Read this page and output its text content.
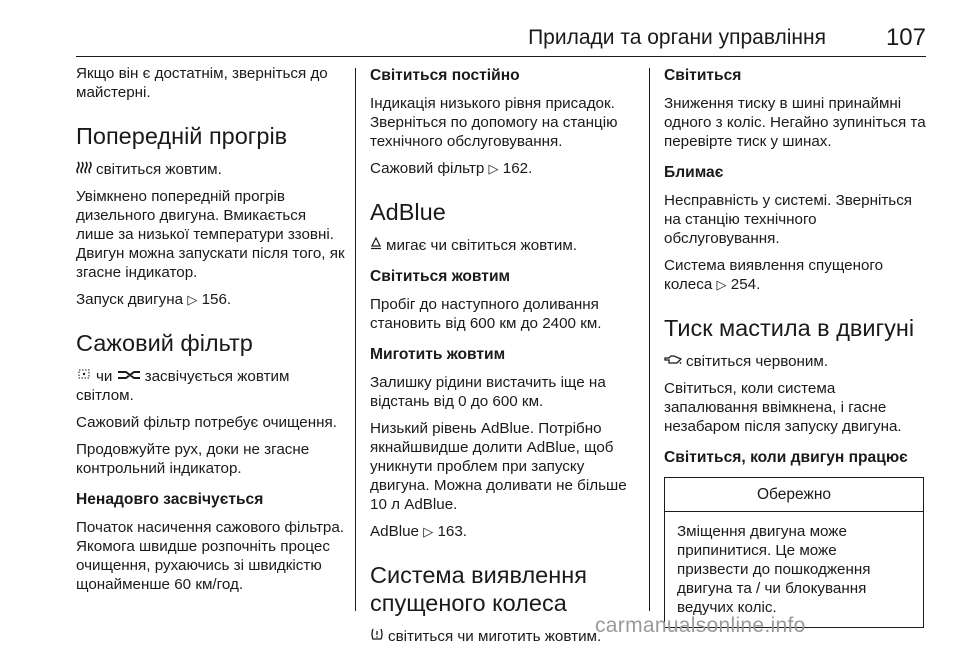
Прилади та органи управління 107

Якщо він є достатнім, зверніться до майстерні.

Попередній прогрів

світиться жовтим.

Увімкнено попередній прогрів дизельного двигуна. Вмикається лише за низької температури ззовні. Двигун можна запускати після того, як згасне індикатор.

Запуск двигуна ▷ 156.

Сажовий фільтр

чи засвічується жовтим світлом.

Сажовий фільтр потребує очищення.

Продовжуйте рух, доки не згасне контрольний індикатор.

Ненадовго засвічується

Початок насичення сажового фільтра. Якомога швидше розпочніть процес очищення, рухаючись зі швидкістю щонайменше 60 км/год.

Світиться постійно

Індикація низького рівня присадок. Зверніться по допомогу на станцію технічного обслуговування.

Сажовий фільтр ▷ 162.

AdBlue

мигає чи світиться жовтим.

Світиться жовтим

Пробіг до наступного доливання становить від 600 км до 2400 км.

Миготить жовтим

Залишку рідини вистачить іще на відстань від 0 до 600 км.

Низький рівень AdBlue. Потрібно якнайшвидше долити AdBlue, щоб уникнути проблем при запуску двигуна. Можна доливати не більше 10 л AdBlue.

AdBlue ▷ 163.

Система виявлення спущеного колеса

світиться чи миготить жовтим.

Світиться

Зниження тиску в шині принаймні одного з коліс. Негайно зупиніться та перевірте тиск у шинах.

Блимає

Несправність у системі. Зверніться на станцію технічного обслуговування.

Система виявлення спущеного колеса ▷ 254.

Тиск мастила в двигуні

світиться червоним.

Світиться, коли система запалювання ввімкнена, і гасне незабаром після запуску двигуна.

Світиться, коли двигун працює
Обережно
Зміщення двигуна може припинитися. Це може призвести до пошкодження двигуна та / чи блокування ведучих коліс.
carmanualsonline.info
